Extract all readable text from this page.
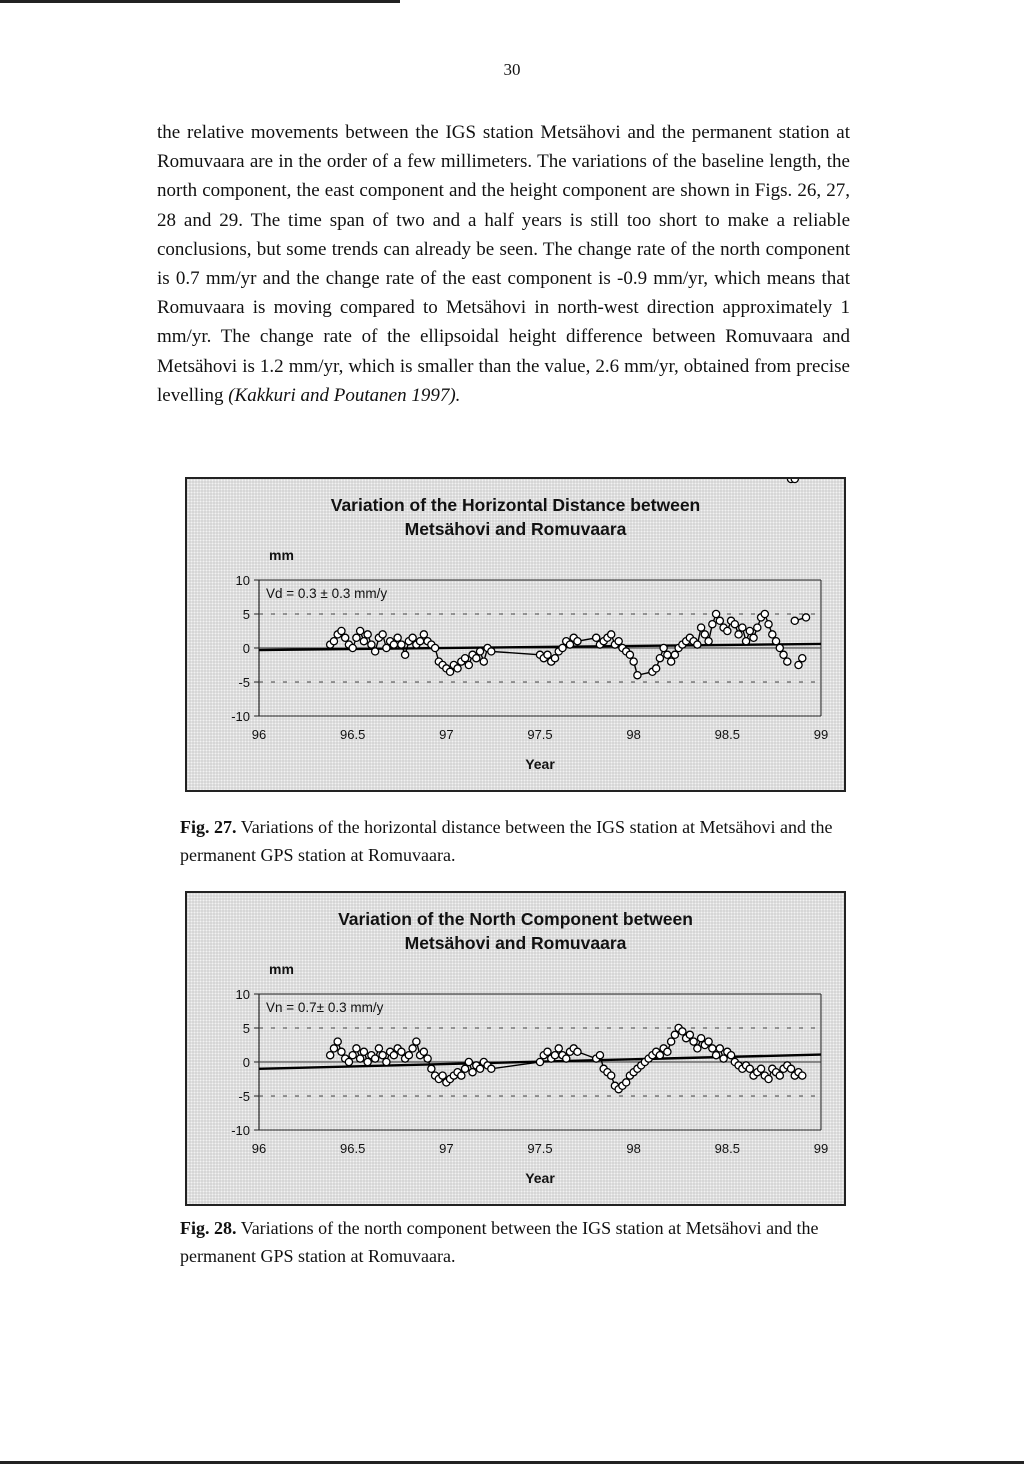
30

the relative movements between the IGS station Metsähovi and the permanent station at Romuvaara are in the order of a few millimeters. The variations of the baseline length, the north component, the east component and the height component are shown in Figs. 26, 27, 28 and 29. The time span of two and a half years is still too short to make a reliable conclusions, but some trends can already be seen. The change rate of the north component is 0.7 mm/yr and the change rate of the east component is -0.9 mm/yr, which means that Romuvaara is moving compared to Metsähovi in north-west direction approximately 1 mm/yr. The change rate of the ellipsoidal height difference between Romuvaara and Metsähovi is 1.2 mm/yr, which is smaller than the value, 2.6 mm/yr, obtained from precise levelling (Kakkuri and Poutanen 1997).

Variation of the Horizontal Distance between
Metsähovi and Romuvaara

10
5
0
-5
-10
96	96.5	97	97.5	98	98.5	99
mm
Year
Vd = 0.3 ± 0.3 mm/y

Fig. 27. Variations of the horizontal distance between the IGS station at Metsähovi and the permanent GPS station at Romuvaara.

Variation of the North Component between
Metsähovi and Romuvaara

10
5
0
-5
-10
96	96.5	97	97.5	98	98.5	99
mm
Year
Vn = 0.7± 0.3 mm/y

Fig. 28. Variations of the north component between the IGS station at Metsähovi and the permanent GPS station at Romuvaara.
